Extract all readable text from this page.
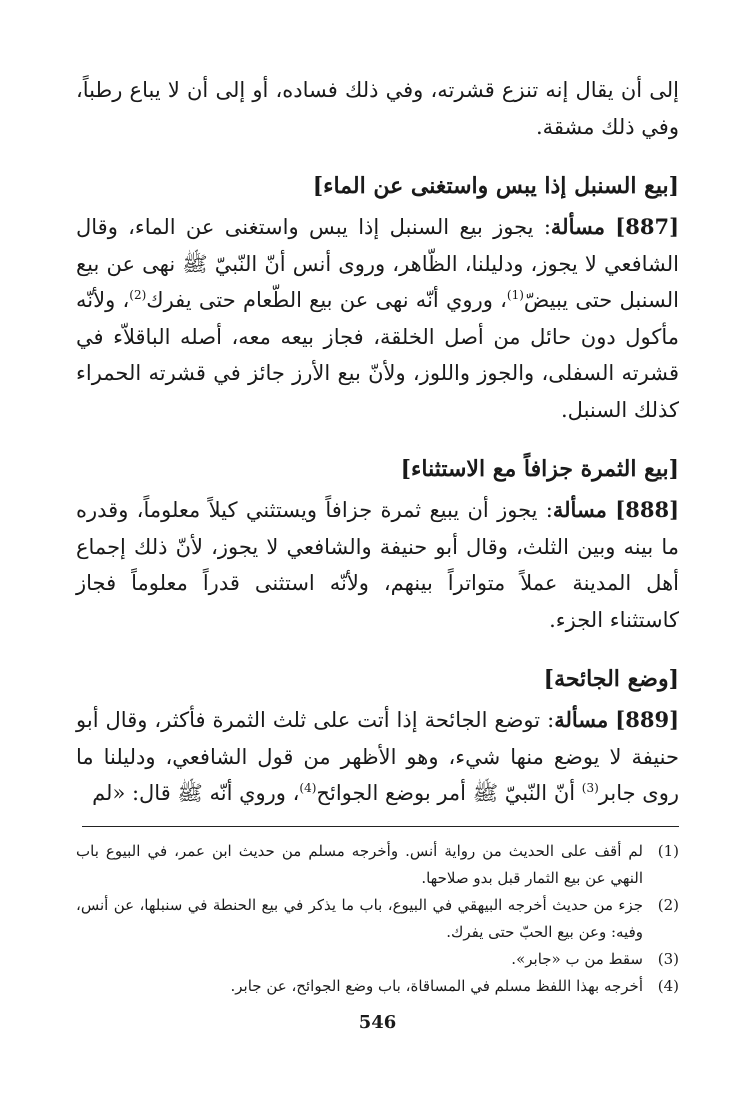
إلى أن يقال إنه تنزع قشرته، وفي ذلك فساده، أو إلى أن لا يباع رطباً، وفي ذلك مشقة.

[بيع السنبل إذا يبس واستغنى عن الماء]

[887] مسألة: يجوز بيع السنبل إذا يبس واستغنى عن الماء، وقال الشافعي لا يجوز، ودليلنا، الظّاهر، وروى أنس أنّ النّبيّ ﷺ نهى عن بيع السنبل حتى يبيضّ$^{(1)}$، وروي أنّه نهى عن بيع الطّعام حتى يفرك$^{(2)}$، ولأنّه مأكول دون حائل من أصل الخلقة، فجاز بيعه معه، أصله الباقلاّء في قشرته السفلى، والجوز واللوز، ولأنّ بيع الأرز جائز في قشرته الحمراء كذلك السنبل.

[بيع الثمرة جزافاً مع الاستثناء]

[888] مسألة: يجوز أن يبيع ثمرة جزافاً ويستثني كيلاً معلوماً، وقدره ما بينه وبين الثلث، وقال أبو حنيفة والشافعي لا يجوز، لأنّ ذلك إجماع أهل المدينة عملاً متواتراً بينهم، ولأنّه استثنى قدراً معلوماً فجاز كاستثناء الجزء.

[وضع الجائحة]

[889] مسألة: توضع الجائحة إذا أتت على ثلث الثمرة فأكثر، وقال أبو حنيفة لا يوضع منها شيء، وهو الأظهر من قول الشافعي، ودليلنا ما روى جابر$^{(3)}$ أنّ النّبيّ ﷺ أمر بوضع الجوائح$^{(4)}$، وروي أنّه ﷺ قال: «لم

(1)
لم أقف على الحديث من رواية أنس. وأخرجه مسلم من حديث ابن عمر، في البيوع باب النهي عن بيع الثمار قبل بدو صلاحها.
(2)
جزء من حديث أخرجه البيهقي في البيوع، باب ما يذكر في بيع الحنطة في سنبلها، عن أنس، وفيه: وعن بيع الحبّ حتى يفرك.
(3)
سقط من ب «جابر».
(4)
أخرجه بهذا اللفظ مسلم في المساقاة، باب وضع الجوائح، عن جابر.
546
